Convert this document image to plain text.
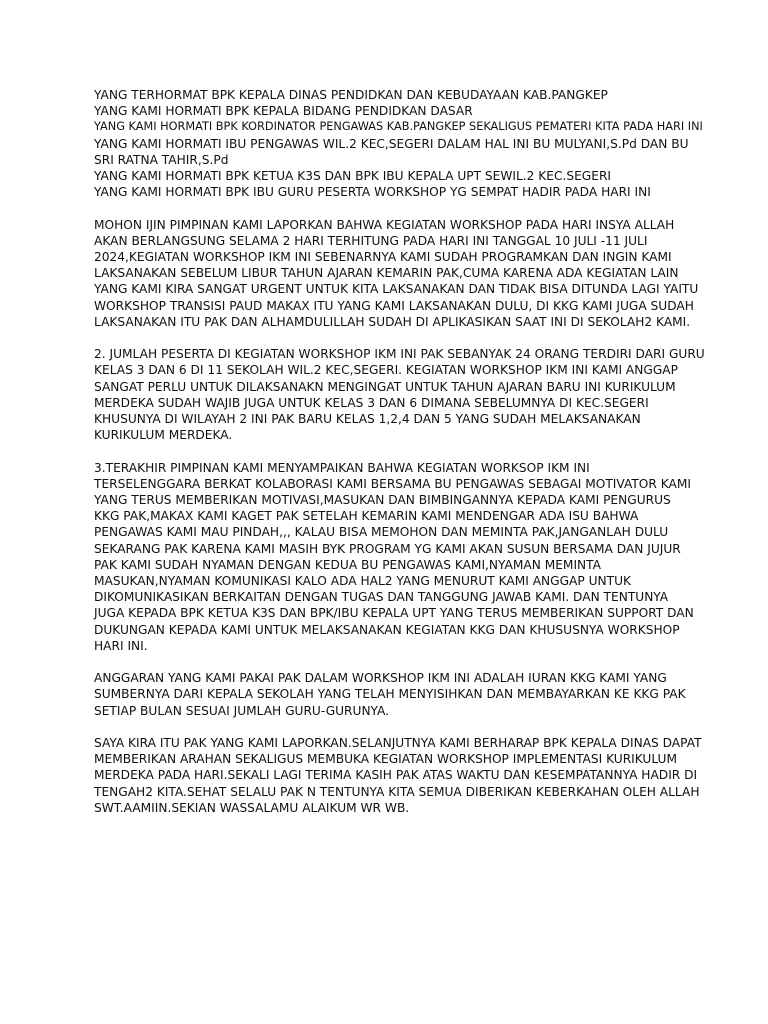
YANG TERHORMAT BPK KEPALA DINAS PENDIDKAN DAN KEBUDAYAAN KAB.PANGKEP
YANG KAMI HORMATI BPK KEPALA BIDANG PENDIDKAN DASAR
YANG KAMI HORMATI BPK KORDINATOR PENGAWAS KAB.PANGKEP SEKALIGUS PEMATERI KITA PADA HARI INI
YANG KAMI HORMATI IBU PENGAWAS WIL.2 KEC,SEGERI DALAM HAL INI BU MULYANI,S.Pd DAN BU
SRI RATNA TAHIR,S.Pd
YANG KAMI HORMATI BPK KETUA K3S DAN BPK IBU KEPALA UPT SEWIL.2 KEC.SEGERI
YANG KAMI HORMATI BPK IBU GURU PESERTA WORKSHOP YG SEMPAT HADIR PADA HARI INI
MOHON IJIN PIMPINAN KAMI LAPORKAN BAHWA KEGIATAN WORKSHOP PADA HARI INSYA ALLAH
AKAN BERLANGSUNG SELAMA 2 HARI TERHITUNG PADA HARI INI TANGGAL 10 JULI -11 JULI
2024,KEGIATAN WORKSHOP IKM INI SEBENARNYA KAMI SUDAH PROGRAMKAN DAN INGIN KAMI
LAKSANAKAN SEBELUM LIBUR TAHUN AJARAN KEMARIN PAK,CUMA KARENA ADA KEGIATAN LAIN
YANG KAMI KIRA SANGAT URGENT UNTUK KITA LAKSANAKAN DAN TIDAK BISA DITUNDA LAGI YAITU
WORKSHOP TRANSISI PAUD MAKAX ITU YANG KAMI LAKSANAKAN DULU, DI KKG KAMI JUGA SUDAH
LAKSANAKAN ITU PAK DAN ALHAMDULILLAH SUDAH DI APLIKASIKAN SAAT INI DI SEKOLAH2 KAMI.
2. JUMLAH PESERTA DI KEGIATAN WORKSHOP IKM INI PAK SEBANYAK 24 ORANG TERDIRI DARI GURU
KELAS 3 DAN 6 DI 11 SEKOLAH WIL.2 KEC,SEGERI. KEGIATAN WORKSHOP IKM INI KAMI ANGGAP
SANGAT PERLU UNTUK DILAKSANAKN MENGINGAT UNTUK TAHUN AJARAN BARU INI KURIKULUM
MERDEKA SUDAH WAJIB JUGA UNTUK KELAS 3 DAN 6 DIMANA SEBELUMNYA DI KEC.SEGERI
KHUSUNYA DI WILAYAH 2 INI PAK BARU KELAS 1,2,4 DAN 5 YANG SUDAH MELAKSANAKAN
KURIKULUM MERDEKA.
3.TERAKHIR PIMPINAN KAMI MENYAMPAIKAN BAHWA KEGIATAN WORKSOP IKM INI
TERSELENGGARA BERKAT KOLABORASI KAMI BERSAMA BU PENGAWAS SEBAGAI MOTIVATOR KAMI
YANG TERUS MEMBERIKAN MOTIVASI,MASUKAN DAN BIMBINGANNYA KEPADA KAMI PENGURUS
KKG PAK,MAKAX KAMI KAGET PAK SETELAH KEMARIN KAMI MENDENGAR ADA ISU BAHWA
PENGAWAS KAMI MAU PINDAH,,, KALAU BISA MEMOHON DAN MEMINTA PAK,JANGANLAH DULU
SEKARANG PAK KARENA KAMI MASIH BYK PROGRAM YG KAMI AKAN SUSUN BERSAMA DAN JUJUR
PAK KAMI SUDAH NYAMAN DENGAN KEDUA BU PENGAWAS KAMI,NYAMAN MEMINTA
MASUKAN,NYAMAN KOMUNIKASI KALO ADA HAL2 YANG MENURUT KAMI ANGGAP UNTUK
DIKOMUNIKASIKAN BERKAITAN DENGAN TUGAS DAN TANGGUNG JAWAB KAMI. DAN TENTUNYA
JUGA KEPADA BPK KETUA K3S DAN BPK/IBU KEPALA UPT YANG TERUS MEMBERIKAN SUPPORT DAN
DUKUNGAN KEPADA KAMI UNTUK MELAKSANAKAN KEGIATAN KKG DAN KHUSUSNYA WORKSHOP
HARI INI.
ANGGARAN YANG KAMI PAKAI PAK DALAM WORKSHOP IKM INI ADALAH IURAN KKG KAMI YANG
SUMBERNYA DARI KEPALA SEKOLAH YANG TELAH MENYISIHKAN DAN MEMBAYARKAN KE KKG PAK
SETIAP BULAN SESUAI JUMLAH GURU-GURUNYA.
SAYA KIRA ITU PAK YANG KAMI LAPORKAN.SELANJUTNYA KAMI BERHARAP BPK KEPALA DINAS DAPAT
MEMBERIKAN ARAHAN SEKALIGUS MEMBUKA KEGIATAN WORKSHOP IMPLEMENTASI KURIKULUM
MERDEKA PADA HARI.SEKALI LAGI TERIMA KASIH PAK ATAS WAKTU DAN KESEMPATANNYA HADIR DI
TENGAH2 KITA.SEHAT SELALU PAK N TENTUNYA KITA SEMUA DIBERIKAN KEBERKAHAN OLEH ALLAH
SWT.AAMIIN.SEKIAN WASSALAMU ALAIKUM WR WB.
